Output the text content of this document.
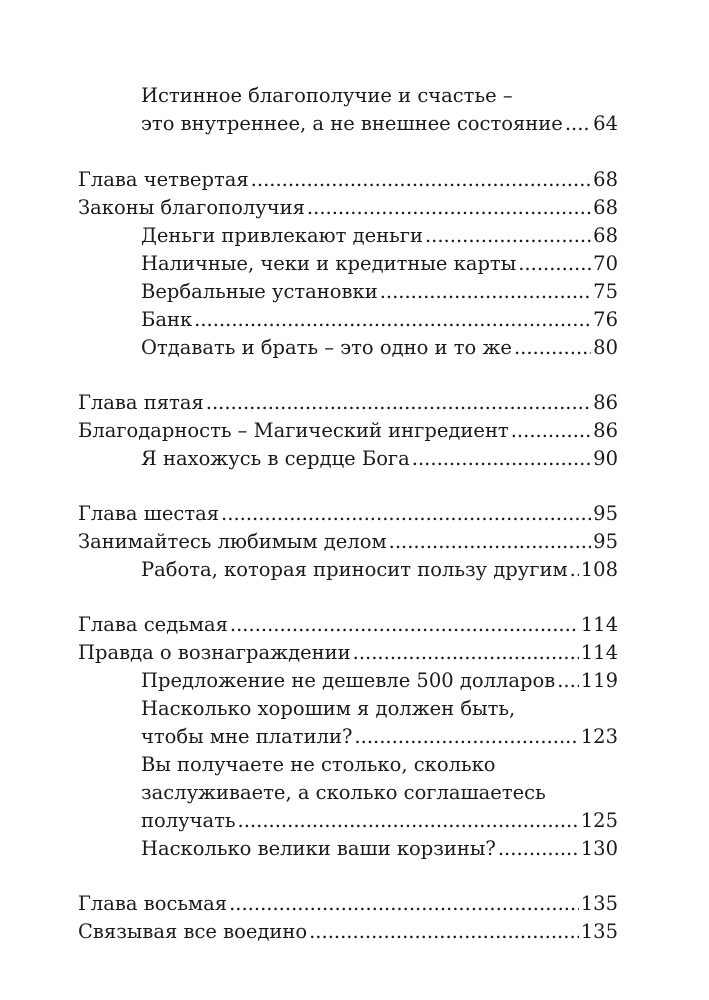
Истинное благополучие и счастье –
это внутреннее, а не внешнее состояние ..... 64
Глава четвертая .....	68
Законы благополучия .....	68
Деньги привлекают деньги .....	68
Наличные, чеки и кредитные карты .....	70
Вербальные установки .....	75
Банк .....	76
Отдавать и брать – это одно и то же .....	80
Глава пятая .....	86
Благодарность – Магический ингредиент .....	86
Я нахожусь в сердце Бога .....	90
Глава шестая .....	95
Занимайтесь любимым делом .....	95
Работа, которая приносит пользу другим ..... 108
Глава седьмая .....	114
Правда о вознаграждении .....	114
Предложение не дешевле 500 долларов ..... 119
Насколько хорошим я должен быть,
чтобы мне платили? .....	123
Вы получаете не столько, сколько
заслуживаете, а сколько соглашаетесь
получать .....	125
Насколько велики ваши корзины? .....	130
Глава восьмая .....	135
Связывая все воедино .....	135
